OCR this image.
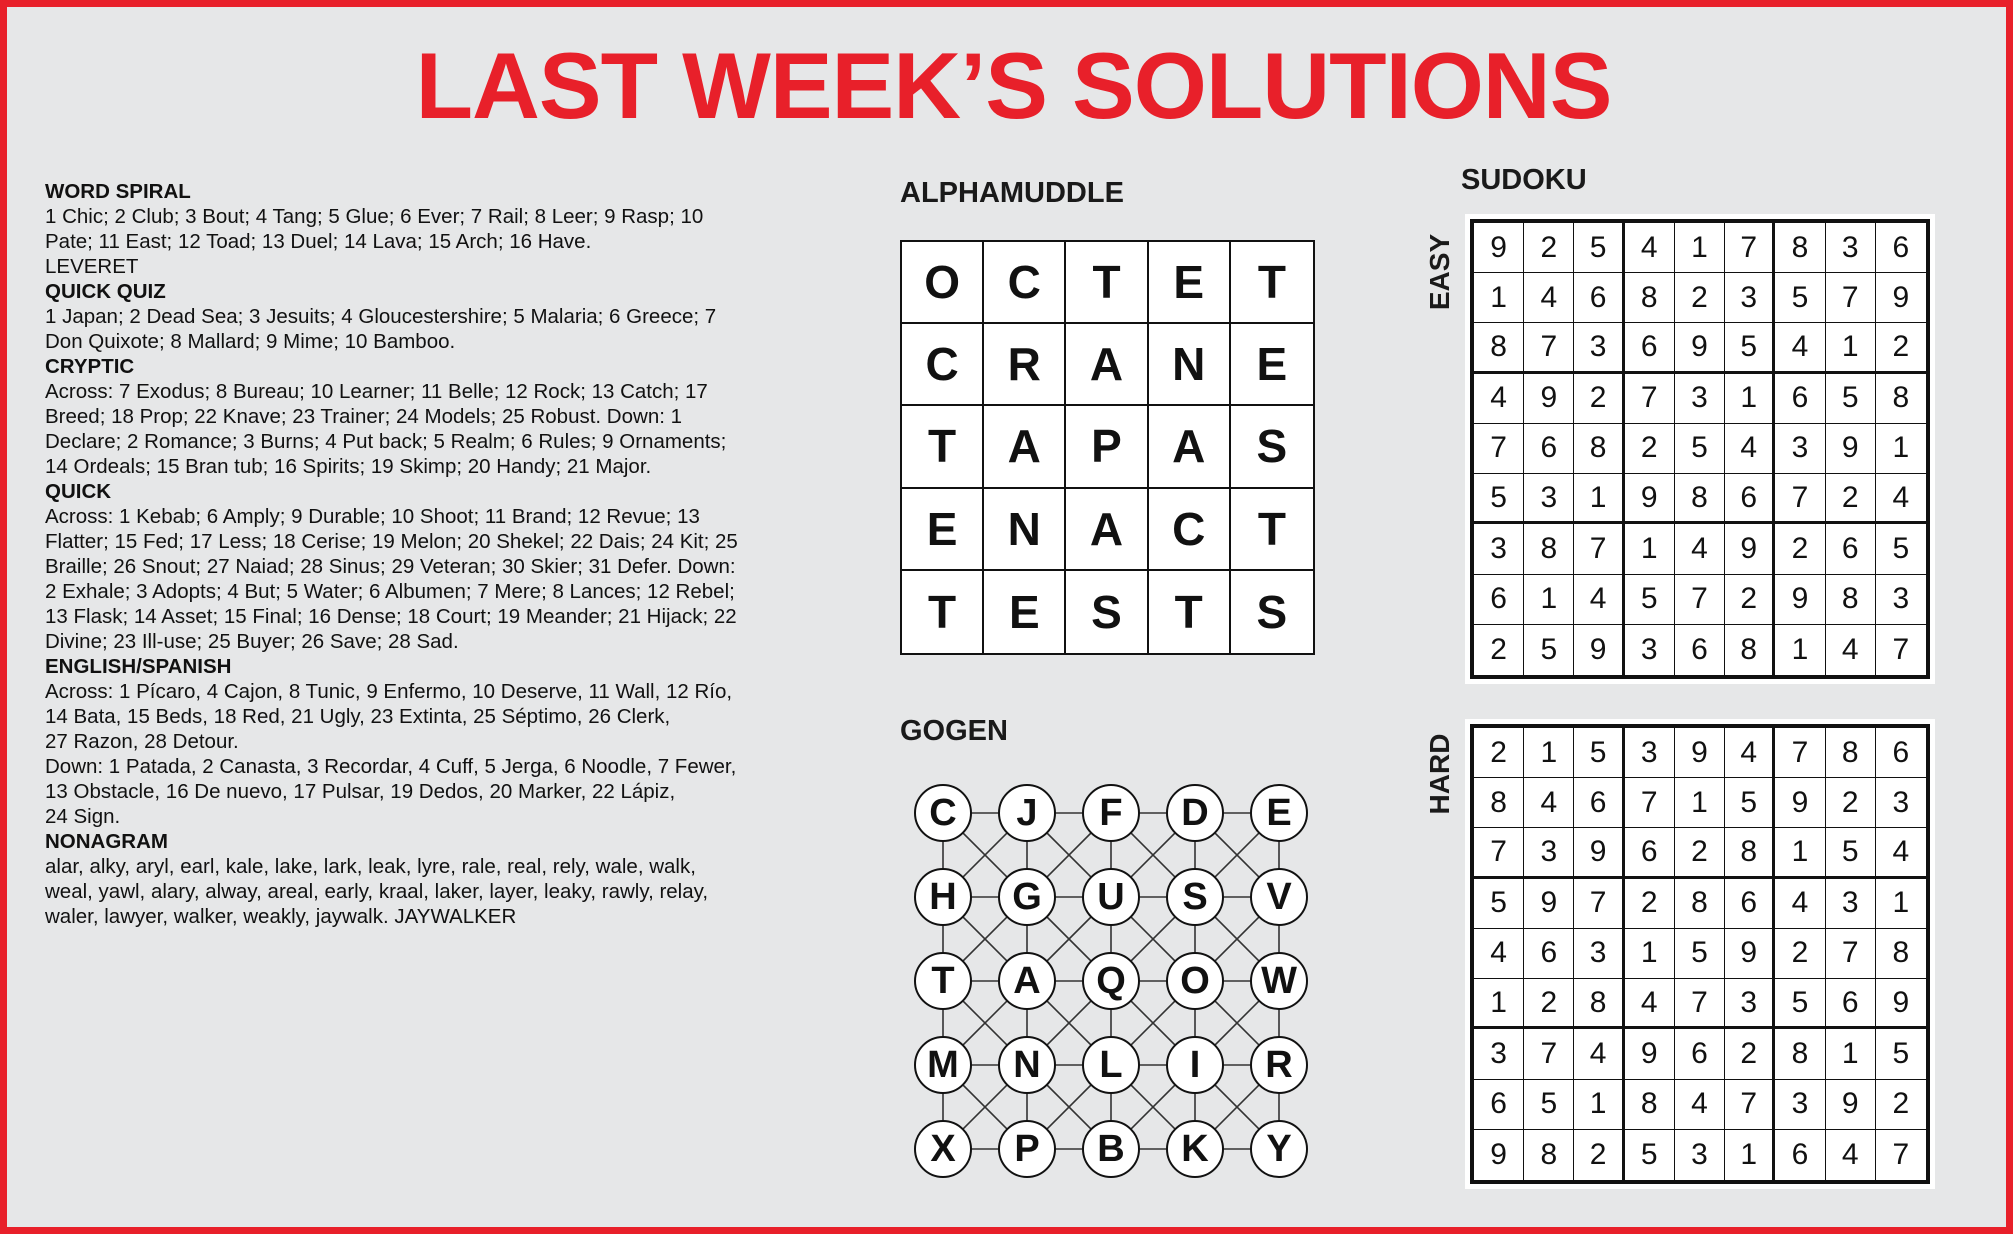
LAST WEEK’S SOLUTIONS
WORD SPIRAL
1 Chic; 2 Club; 3 Bout; 4 Tang; 5 Glue; 6 Ever; 7 Rail; 8 Leer; 9 Rasp; 10
Pate; 11 East; 12 Toad; 13 Duel; 14 Lava; 15 Arch; 16 Have.
LEVERET
QUICK QUIZ
1 Japan; 2 Dead Sea; 3 Jesuits; 4 Gloucestershire; 5 Malaria; 6 Greece; 7
Don Quixote; 8 Mallard; 9 Mime; 10 Bamboo.
CRYPTIC
Across: 7 Exodus; 8 Bureau; 10 Learner; 11 Belle; 12 Rock; 13 Catch; 17
Breed; 18 Prop; 22 Knave; 23 Trainer; 24 Models; 25 Robust. Down: 1
Declare; 2 Romance; 3 Burns; 4 Put back; 5 Realm; 6 Rules; 9 Ornaments;
14 Ordeals; 15 Bran tub; 16 Spirits; 19 Skimp; 20 Handy; 21 Major.
QUICK
Across: 1 Kebab; 6 Amply; 9 Durable; 10 Shoot; 11 Brand; 12 Revue; 13
Flatter; 15 Fed; 17 Less; 18 Cerise; 19 Melon; 20 Shekel; 22 Dais; 24 Kit; 25
Braille; 26 Snout; 27 Naiad; 28 Sinus; 29 Veteran; 30 Skier; 31 Defer. Down:
2 Exhale; 3 Adopts; 4 But; 5 Water; 6 Albumen; 7 Mere; 8 Lances; 12 Rebel;
13 Flask; 14 Asset; 15 Final; 16 Dense; 18 Court; 19 Meander; 21 Hijack; 22
Divine; 23 Ill-use; 25 Buyer; 26 Save; 28 Sad.
ENGLISH/SPANISH
Across: 1 Pícaro, 4 Cajon, 8 Tunic, 9 Enfermo, 10 Deserve, 11 Wall, 12 Río,
14 Bata, 15 Beds, 18 Red, 21 Ugly, 23 Extinta, 25 Séptimo, 26 Clerk,
27 Razon, 28 Detour.
Down: 1 Patada, 2 Canasta, 3 Recordar, 4 Cuff, 5 Jerga, 6 Noodle, 7 Fewer,
13 Obstacle, 16 De nuevo, 17 Pulsar, 19 Dedos, 20 Marker, 22 Lápiz,
24 Sign.
NONAGRAM
alar, alky, aryl, earl, kale, lake, lark, leak, lyre, rale, real, rely, wale, walk,
weal, yawl, alary, alway, areal, early, kraal, laker, layer, leaky, rawly, relay,
waler, lawyer, walker, weakly, jaywalk. JAYWALKER
ALPHAMUDDLE
O	C	T	E	T
C	R	A	N	E
T	A	P	A	S
E	N	A	C	T
T	E	S	T	S
GOGEN
C	J	F	D	E
H	G	U	S	V
T	A	Q	O	W
M	N	L	I	R
X	P	B	K	Y
SUDOKU
EASY	9	2	5	4	1	7	8	3	6
1	4	6	8	2	3	5	7	9
8	7	3	6	9	5	4	1	2
4	9	2	7	3	1	6	5	8
7	6	8	2	5	4	3	9	1
5	3	1	9	8	6	7	2	4
3	8	7	1	4	9	2	6	5
6	1	4	5	7	2	9	8	3
2	5	9	3	6	8	1	4	7
HARD	2	1	5	3	9	4	7	8	6
8	4	6	7	1	5	9	2	3
7	3	9	6	2	8	1	5	4
5	9	7	2	8	6	4	3	1
4	6	3	1	5	9	2	7	8
1	2	8	4	7	3	5	6	9
3	7	4	9	6	2	8	1	5
6	5	1	8	4	7	3	9	2
9	8	2	5	3	1	6	4	7
